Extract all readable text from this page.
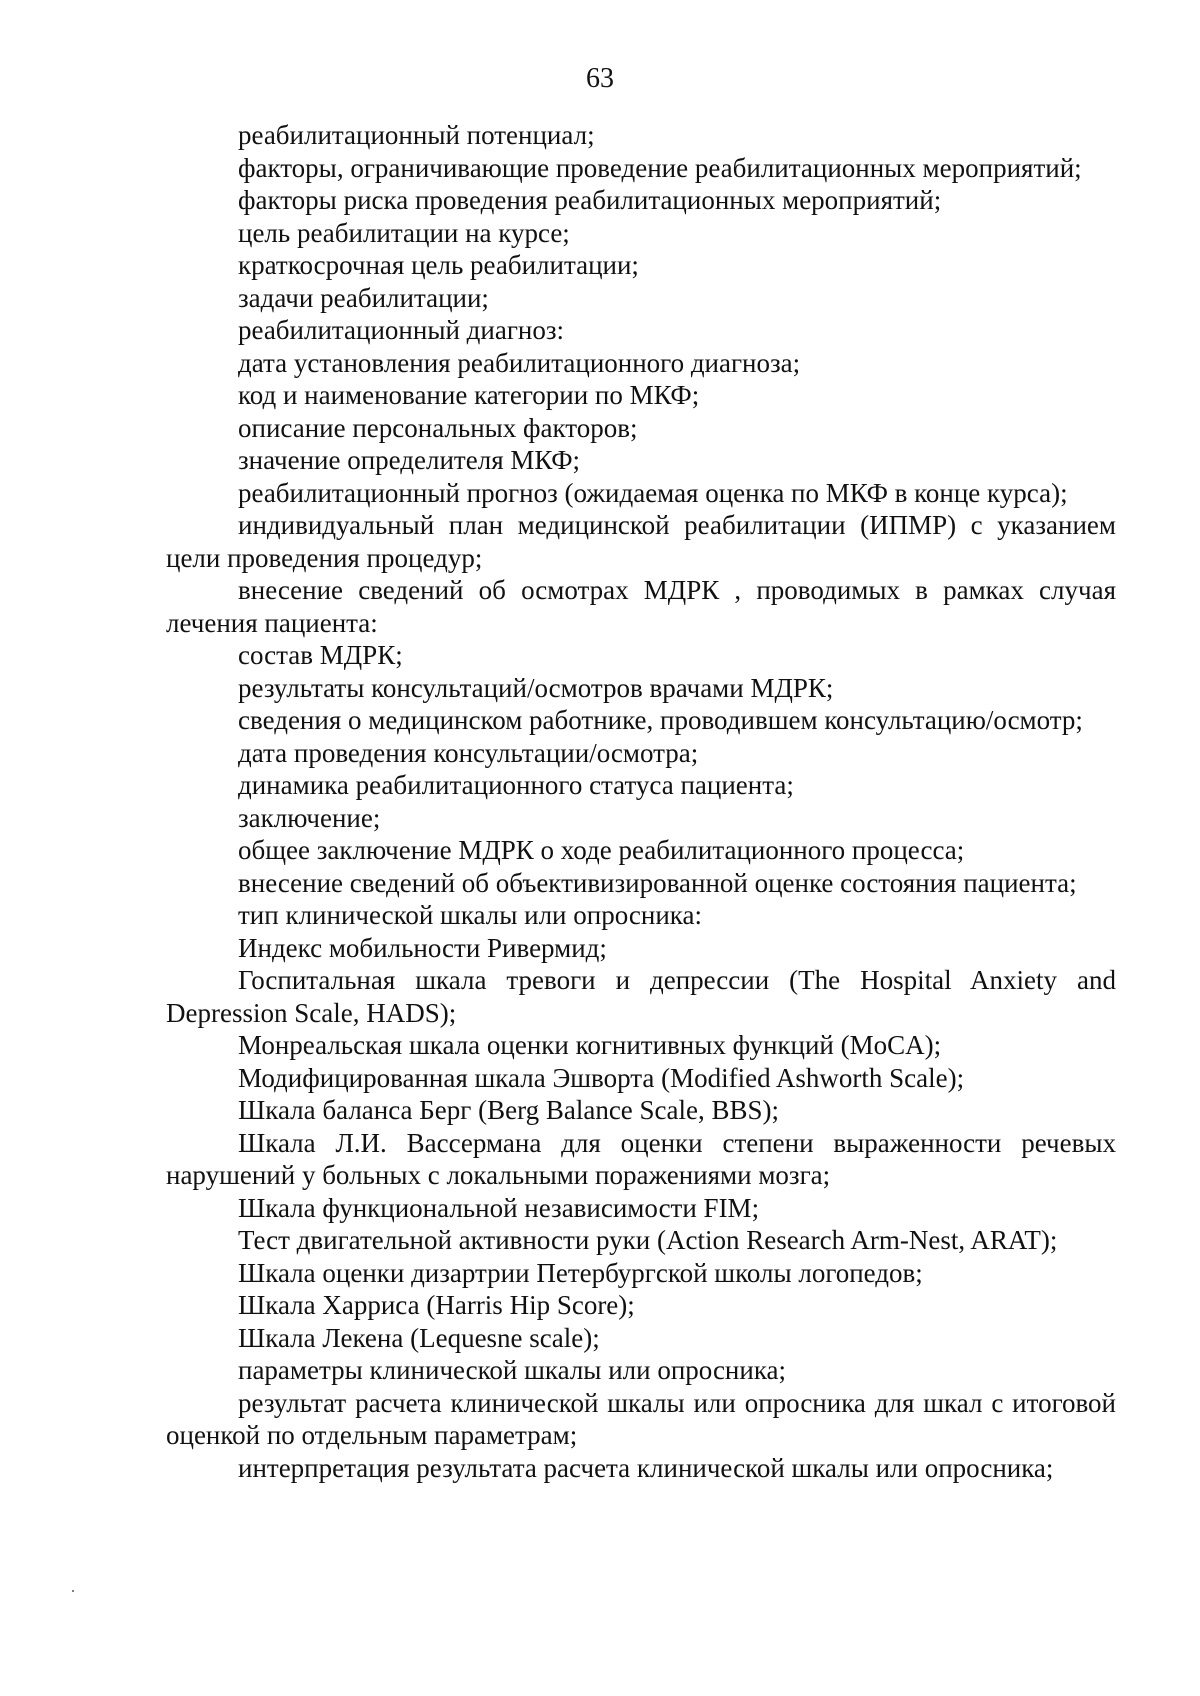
63

реабилитационный потенциал;

факторы, ограничивающие проведение реабилитационных мероприятий;

факторы риска проведения реабилитационных мероприятий;

цель реабилитации на курсе;

краткосрочная цель реабилитации;

задачи реабилитации;

реабилитационный диагноз:

дата установления реабилитационного диагноза;

код и наименование категории по МКФ;

описание персональных факторов;

значение определителя МКФ;

реабилитационный прогноз (ожидаемая оценка по МКФ в конце курса);

индивидуальный план медицинской реабилитации (ИПМР) с указанием цели проведения процедур;

внесение сведений об осмотрах МДРК , проводимых в рамках случая лечения пациента:

состав МДРК;

результаты консультаций/осмотров врачами МДРК;

сведения о медицинском работнике, проводившем консультацию/осмотр;

дата проведения консультации/осмотра;

динамика реабилитационного статуса пациента;

заключение;

общее заключение МДРК о ходе реабилитационного процесса;

внесение сведений об объективизированной оценке состояния пациента;

тип клинической шкалы или опросника:

Индекс мобильности Ривермид;

Госпитальная шкала тревоги и депрессии (The Hospital Anxiety and Depression Scale, HADS);

Монреальская шкала оценки когнитивных функций (MoCA);

Модифицированная шкала Эшворта (Modified Ashworth Scale);

Шкала баланса Берг (Berg Balance Scale, BBS);

Шкала Л.И. Вассермана для оценки степени выраженности речевых нарушений у больных с локальными поражениями мозга;

Шкала функциональной независимости FIM;

Тест двигательной активности руки (Action Research Arm-Nest, ARAT);

Шкала оценки дизартрии Петербургской школы логопедов;

Шкала Харриса (Harris Hip Score);

Шкала Лекена (Lequesne scale);

параметры клинической шкалы или опросника;

результат расчета клинической шкалы или опросника для шкал с итоговой оценкой по отдельным параметрам;

интерпретация результата расчета клинической шкалы или опросника;
